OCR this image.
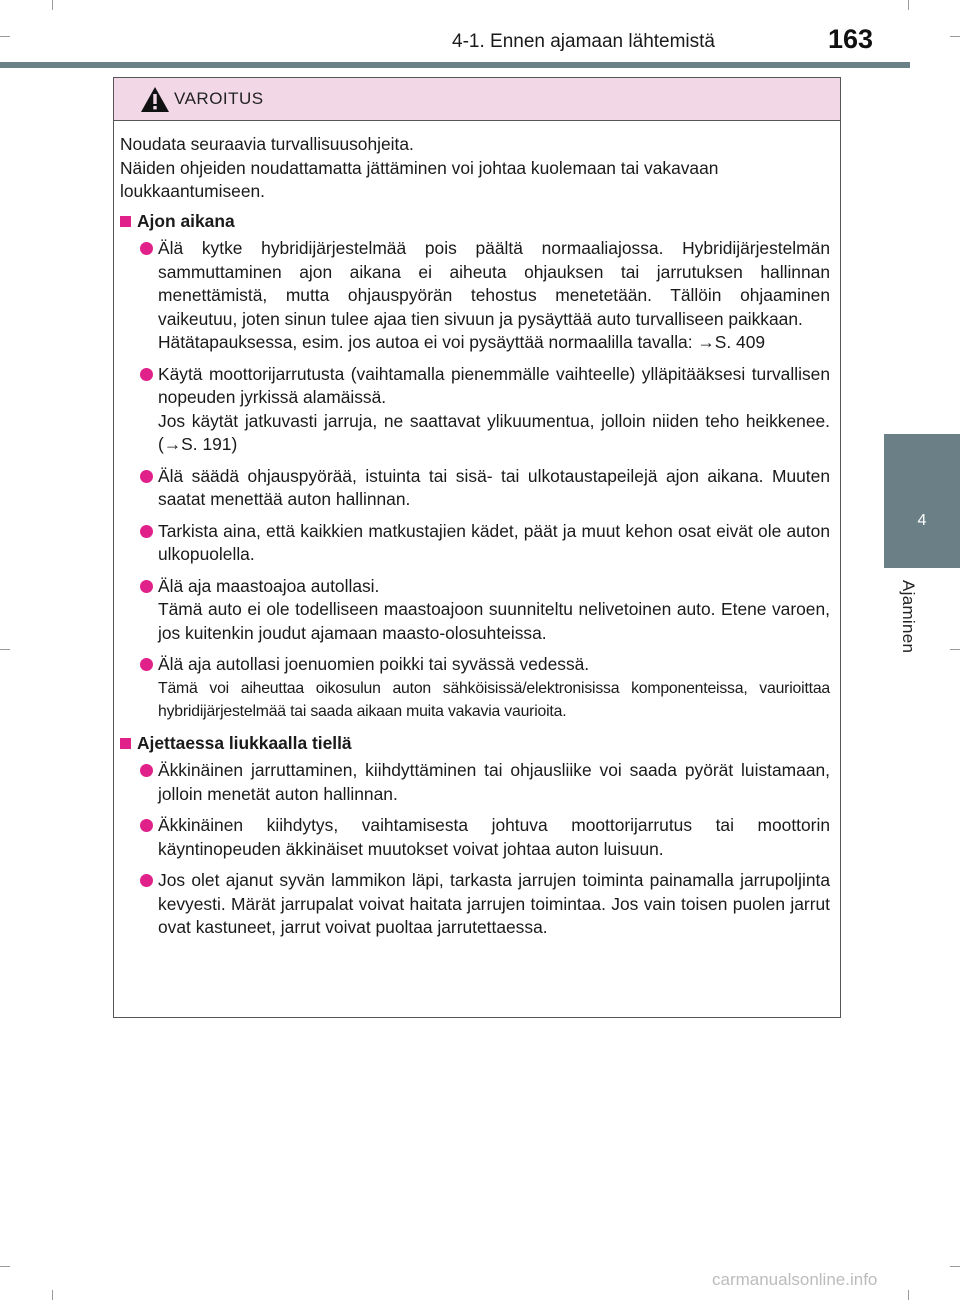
4-1. Ennen ajamaan lähtemistä	163
4
Ajaminen
VAROITUS

Noudata seuraavia turvallisuusohjeita.
Näiden ohjeiden noudattamatta jättäminen voi johtaa kuolemaan tai vakavaan loukkaantumiseen.

Ajon aikana

Älä kytke hybridijärjestelmää pois päältä normaaliajossa. Hybridijärjestelmän sammuttaminen ajon aikana ei aiheuta ohjauksen tai jarrutuksen hallinnan menettämistä, mutta ohjauspyörän tehostus menetetään. Tällöin ohjaaminen vaikeutuu, joten sinun tulee ajaa tien sivuun ja pysäyttää auto turvalliseen paikkaan.

Hätätapauksessa, esim. jos autoa ei voi pysäyttää normaalilla tavalla: →S. 409

Käytä moottorijarrutusta (vaihtamalla pienemmälle vaihteelle) ylläpitääksesi turvallisen nopeuden jyrkissä alamäissä.

Jos käytät jatkuvasti jarruja, ne saattavat ylikuumentua, jolloin niiden teho heikkenee. (→S. 191)

Älä säädä ohjauspyörää, istuinta tai sisä- tai ulkotaustapeilejä ajon aikana. Muuten saatat menettää auton hallinnan.

Tarkista aina, että kaikkien matkustajien kädet, päät ja muut kehon osat eivät ole auton ulkopuolella.

Älä aja maastoajoa autollasi.

Tämä auto ei ole todelliseen maastoajoon suunniteltu nelivetoinen auto. Etene varoen, jos kuitenkin joudut ajamaan maasto-olosuhteissa.

Älä aja autollasi joenuomien poikki tai syvässä vedessä.

Tämä voi aiheuttaa oikosulun auton sähköisissä/elektronisissa komponenteissa, vaurioittaa hybridijärjestelmää tai saada aikaan muita vakavia vaurioita.

Ajettaessa liukkaalla tiellä

Äkkinäinen jarruttaminen, kiihdyttäminen tai ohjausliike voi saada pyörät luistamaan, jolloin menetät auton hallinnan.

Äkkinäinen kiihdytys, vaihtamisesta johtuva moottorijarrutus tai moottorin käyntinopeuden äkkinäiset muutokset voivat johtaa auton luisuun.

Jos olet ajanut syvän lammikon läpi, tarkasta jarrujen toiminta painamalla jarrupoljinta kevyesti. Märät jarrupalat voivat haitata jarrujen toimintaa. Jos vain toisen puolen jarrut ovat kastuneet, jarrut voivat puoltaa jarrutettaessa.

carmanualsonline.info
